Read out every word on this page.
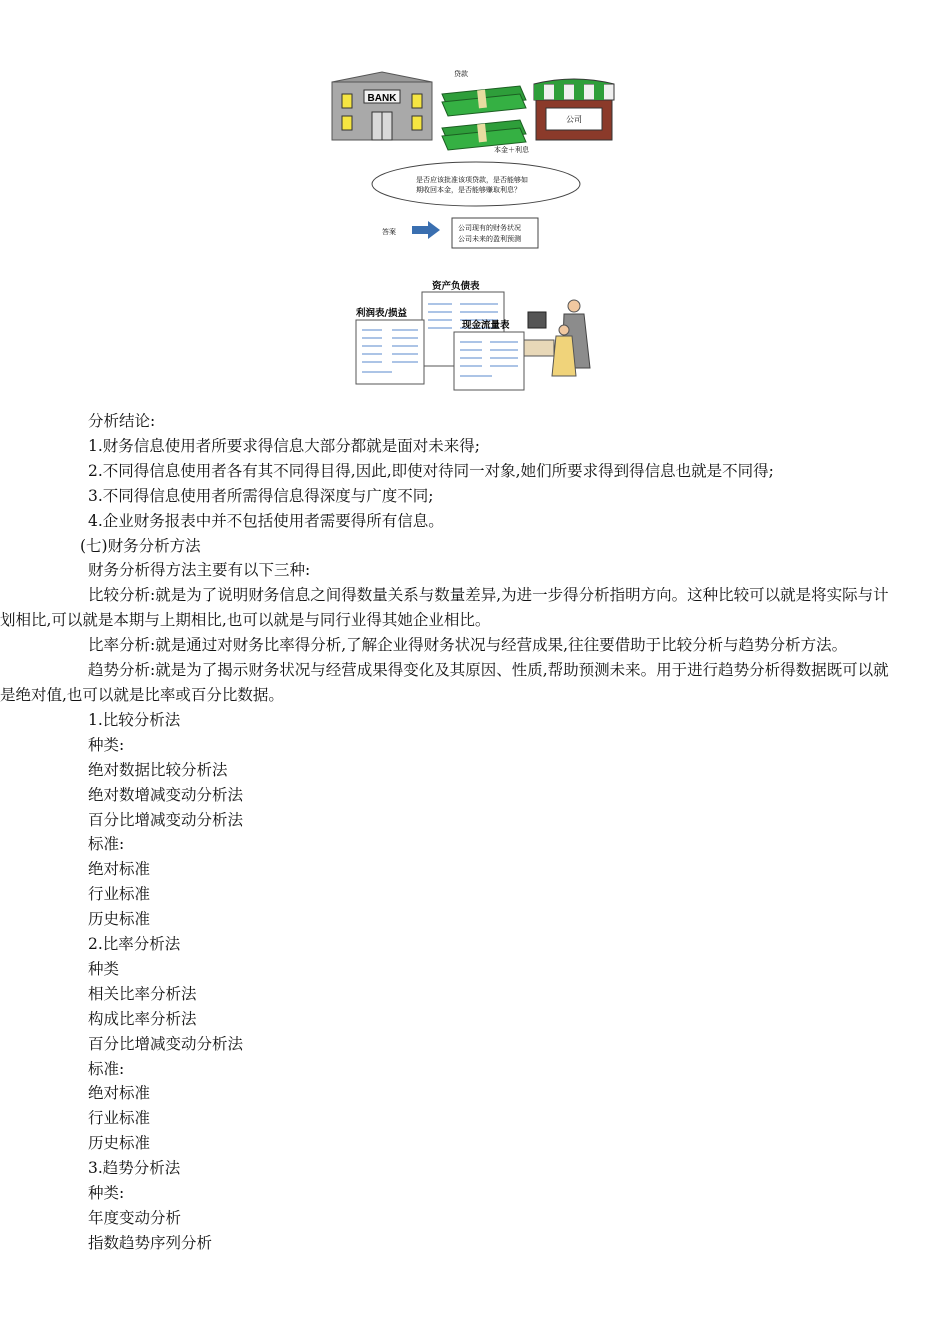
BANK
贷款
本金＋利息
公司
是否应该批准该项贷款，是否能够如
期收回本金，是否能够赚取利息？
答案	公司现有的财务状况
公司未来的盈利预测
资产负债表
利润表/损益
现金流量表

分析结论:

1.财务信息使用者所要求得信息大部分都就是面对未来得;

2.不同得信息使用者各有其不同得目得,因此,即使对待同一对象,她们所要求得到得信息也就是不同得;

3.不同得信息使用者所需得信息得深度与广度不同;

4.企业财务报表中并不包括使用者需要得所有信息。

(七)财务分析方法

财务分析得方法主要有以下三种:

比较分析:就是为了说明财务信息之间得数量关系与数量差异,为进一步得分析指明方向。这种比较可以就是将实际与计划相比,可以就是本期与上期相比,也可以就是与同行业得其她企业相比。

比率分析:就是通过对财务比率得分析,了解企业得财务状况与经营成果,往往要借助于比较分析与趋势分析方法。

趋势分析:就是为了揭示财务状况与经营成果得变化及其原因、性质,帮助预测未来。用于进行趋势分析得数据既可以就是绝对值,也可以就是比率或百分比数据。

1.比较分析法

种类:

绝对数据比较分析法

绝对数增减变动分析法

百分比增减变动分析法

标准:

绝对标准

行业标准

历史标准

2.比率分析法

种类

相关比率分析法

构成比率分析法

百分比增减变动分析法

标准:

绝对标准

行业标准

历史标准

3.趋势分析法

种类:

年度变动分析

指数趋势序列分析
